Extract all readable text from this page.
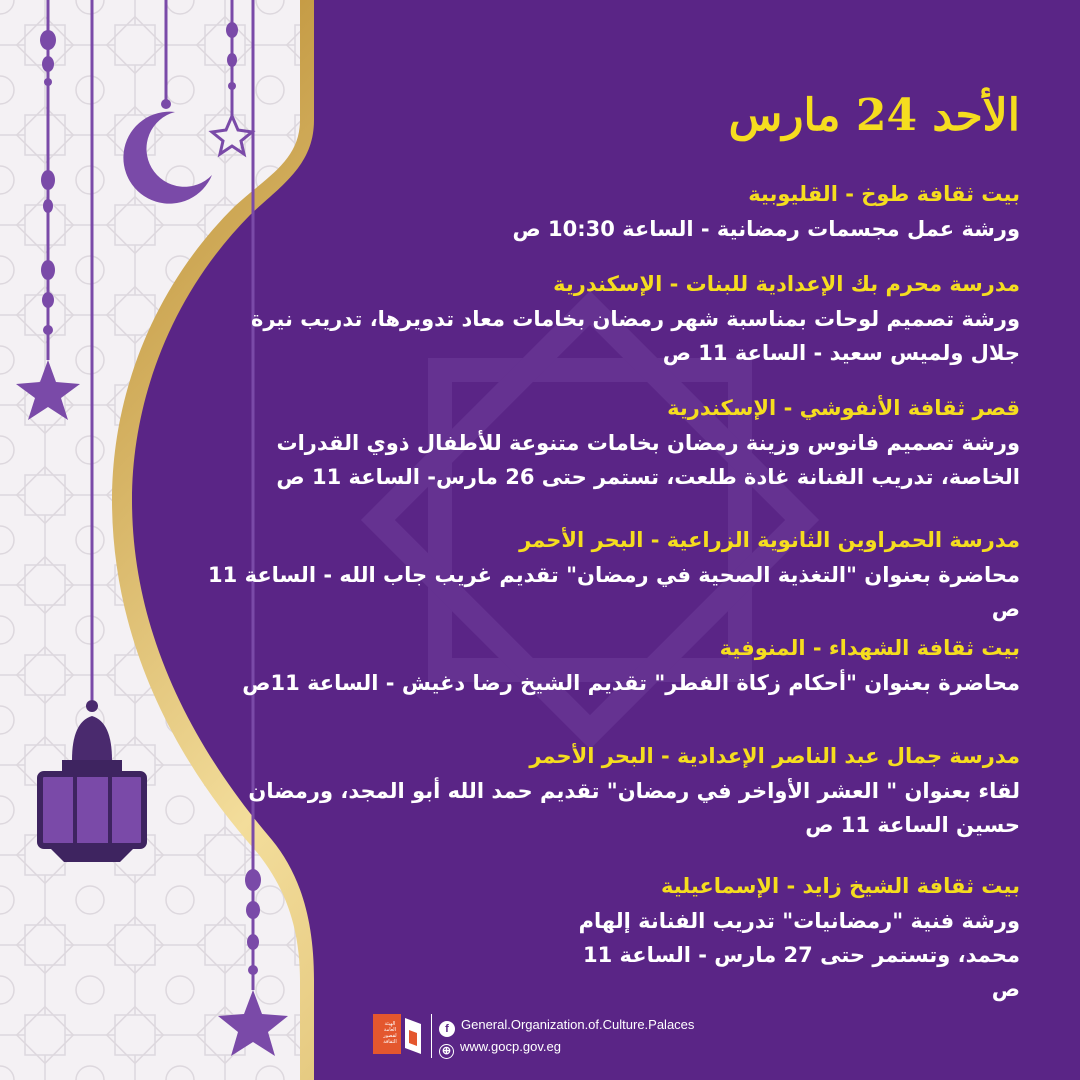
الأحد 24 مارس
بيت ثقافة طوخ - القليوبية
ورشة عمل مجسمات رمضانية - الساعة 10:30 ص
مدرسة محرم بك الإعدادية للبنات - الإسكندرية
ورشة تصميم لوحات بمناسبة شهر رمضان بخامات معاد تدويرها، تدريب نيرة جلال ولميس سعيد - الساعة 11 ص
قصر ثقافة الأنفوشي - الإسكندرية
ورشة تصميم فانوس وزينة رمضان بخامات متنوعة للأطفال ذوي القدرات الخاصة، تدريب الفنانة غادة طلعت، تستمر حتى 26 مارس- الساعة 11 ص
مدرسة الحمراوين الثانوية الزراعية - البحر الأحمر
محاضرة بعنوان "التغذية الصحية في رمضان" تقديم غريب جاب الله - الساعة 11 ص
بيت ثقافة الشهداء - المنوفية
محاضرة بعنوان "أحكام زكاة الفطر" تقديم الشيخ رضا دغيش - الساعة 11ص
مدرسة جمال عبد الناصر الإعدادية - البحر الأحمر
لقاء بعنوان " العشر الأواخر في رمضان" تقديم حمد الله أبو المجد، ورمضان حسين الساعة 11 ص
بيت ثقافة الشيخ زايد - الإسماعيلية
ورشة فنية "رمضانيات" تدريب الفنانة إلهام محمد، وتستمر حتى 27 مارس - الساعة 11 ص
الهيئة العامة لقصور الثقافة
f General.Organization.of.Culture.Palaces
⊕ www.gocp.gov.eg
